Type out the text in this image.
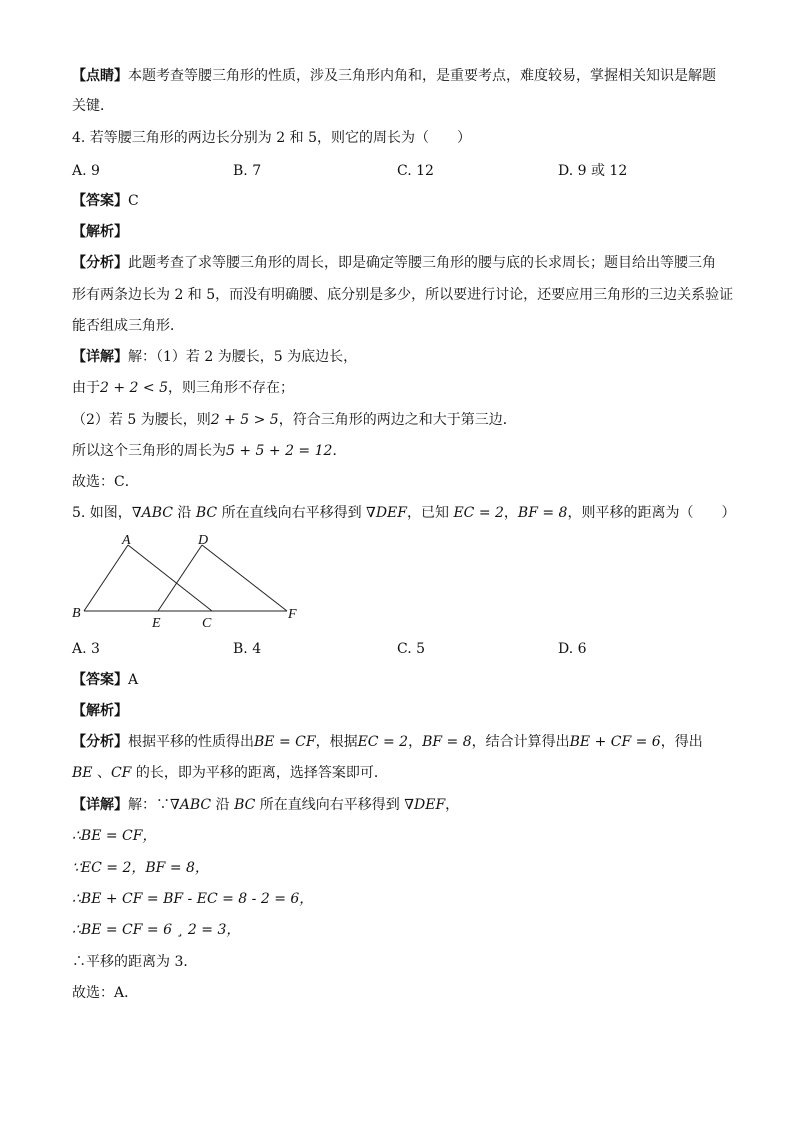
【点睛】本题考查等腰三角形的性质，涉及三角形内角和，是重要考点，难度较易，掌握相关知识是解题
关键．
4. 若等腰三角形的两边长分别为 2 和 5，则它的周长为（　　）
A. 9	B. 7	C. 12	D. 9 或 12
【答案】C
【解析】
【分析】此题考查了求等腰三角形的周长，即是确定等腰三角形的腰与底的长求周长；题目给出等腰三角
形有两条边长为 2 和 5，而没有明确腰、底分别是多少，所以要进行讨论，还要应用三角形的三边关系验证
能否组成三角形．
【详解】解：（1）若 2 为腰长，5 为底边长，
由于2 + 2 < 5，则三角形不存在；
（2）若 5 为腰长，则2 + 5 > 5，符合三角形的两边之和大于第三边．
所以这个三角形的周长为5 + 5 + 2 = 12．
故选：C．
5. 如图，∇ABC 沿 BC 所在直线向右平移得到 ∇DEF，已知 EC = 2，BF = 8，则平移的距离为（　　）
A	D
B
E	C
F
A. 3	B. 4	C. 5	D. 6
【答案】A
【解析】
【分析】根据平移的性质得出BE = CF，根据EC = 2，BF = 8，结合计算得出BE + CF = 6，得出
BE 、CF 的长，即为平移的距离，选择答案即可．
【详解】解：∵∇ABC 沿 BC 所在直线向右平移得到 ∇DEF，
∴BE = CF，
∵EC = 2，BF = 8，
∴BE + CF = BF - EC = 8 - 2 = 6，
∴BE = CF = 6 ¸ 2 = 3，
∴平移的距离为 3．
故选：A．
